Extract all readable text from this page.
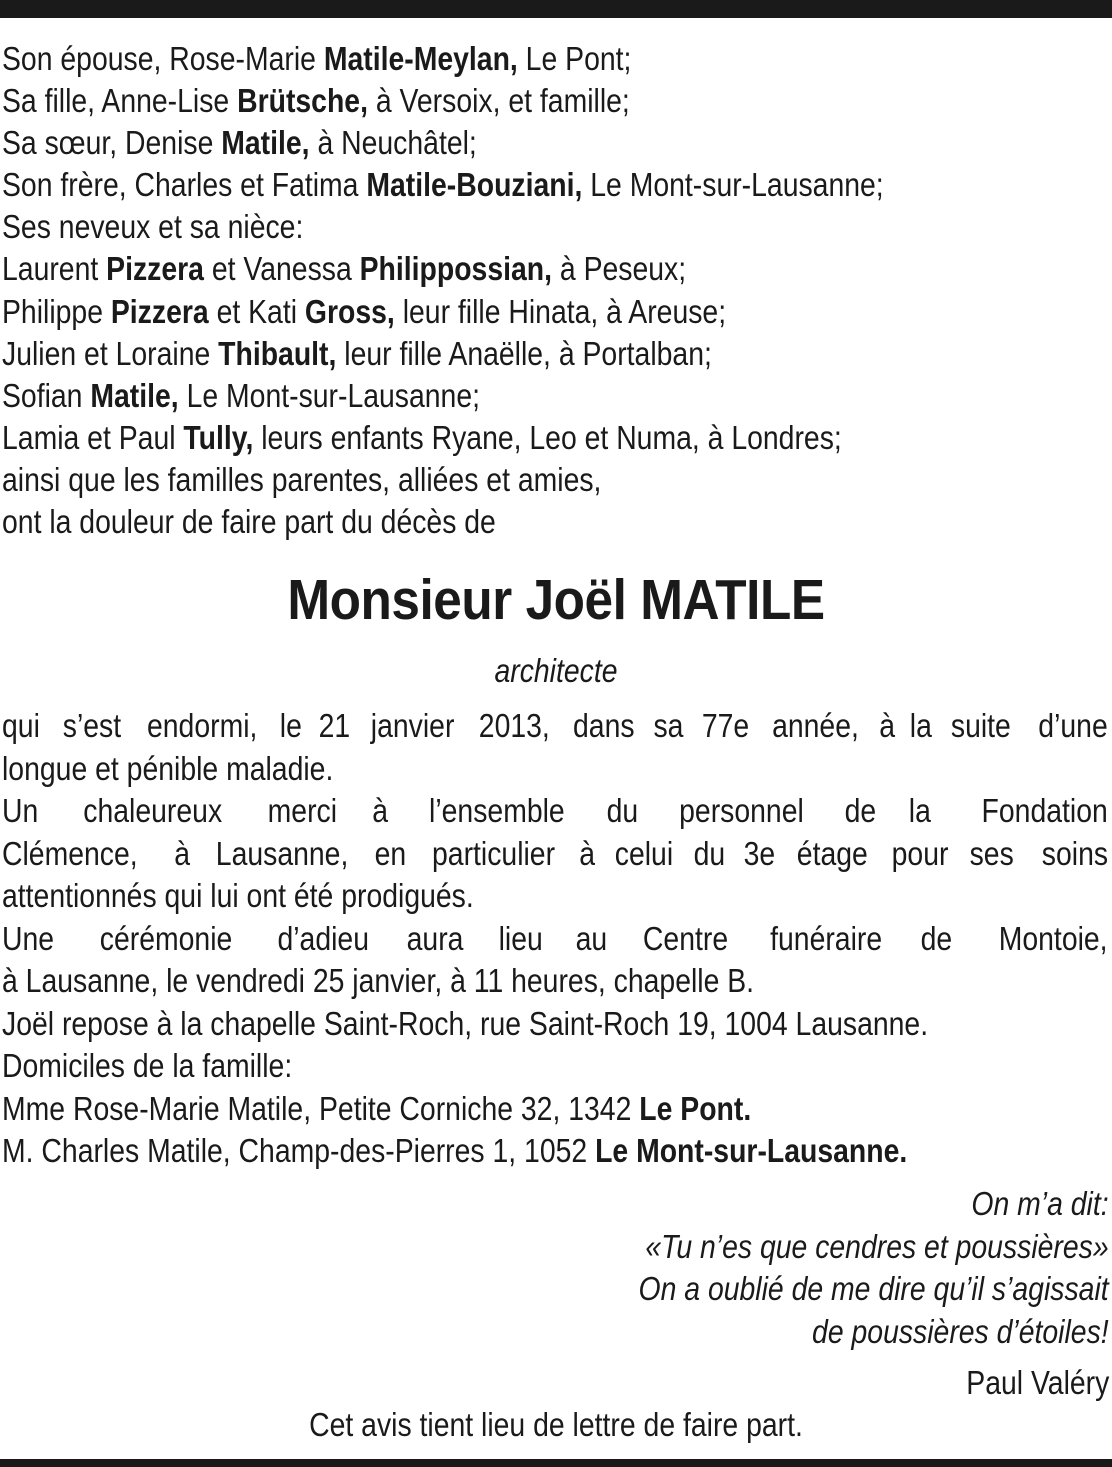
Son épouse, Rose-Marie Matile-Meylan, Le Pont;
Sa fille, Anne-Lise Brütsche, à Versoix, et famille;
Sa sœur, Denise Matile, à Neuchâtel;
Son frère, Charles et Fatima Matile-Bouziani, Le Mont-sur-Lausanne;
Ses neveux et sa nièce:
Laurent Pizzera et Vanessa Philippossian, à Peseux;
Philippe Pizzera et Kati Gross, leur fille Hinata, à Areuse;
Julien et Loraine Thibault, leur fille Anaëlle, à Portalban;
Sofian Matile, Le Mont-sur-Lausanne;
Lamia et Paul Tully, leurs enfants Ryane, Leo et Numa, à Londres;
ainsi que les familles parentes, alliées et amies,
ont la douleur de faire part du décès de
Monsieur Joël MATILE
architecte
qui s’est endormi, le 21 janvier 2013, dans sa 77e année, à la suite d’une
longue et pénible maladie.
Un chaleureux merci à l’ensemble du personnel de la Fondation
Clémence, à Lausanne, en particulier à celui du 3e étage pour ses soins
attentionnés qui lui ont été prodigués.
Une cérémonie d’adieu aura lieu au Centre funéraire de Montoie,
à Lausanne, le vendredi 25 janvier, à 11 heures, chapelle B.
Joël repose à la chapelle Saint-Roch, rue Saint-Roch 19, 1004 Lausanne.
Domiciles de la famille:
Mme Rose-Marie Matile, Petite Corniche 32, 1342 Le Pont.
M. Charles Matile, Champ-des-Pierres 1, 1052 Le Mont-sur-Lausanne.
On m’a dit:
«Tu n’es que cendres et poussières»
On a oublié de me dire qu’il s’agissait
de poussières d’étoiles!
Paul Valéry
Cet avis tient lieu de lettre de faire part.
